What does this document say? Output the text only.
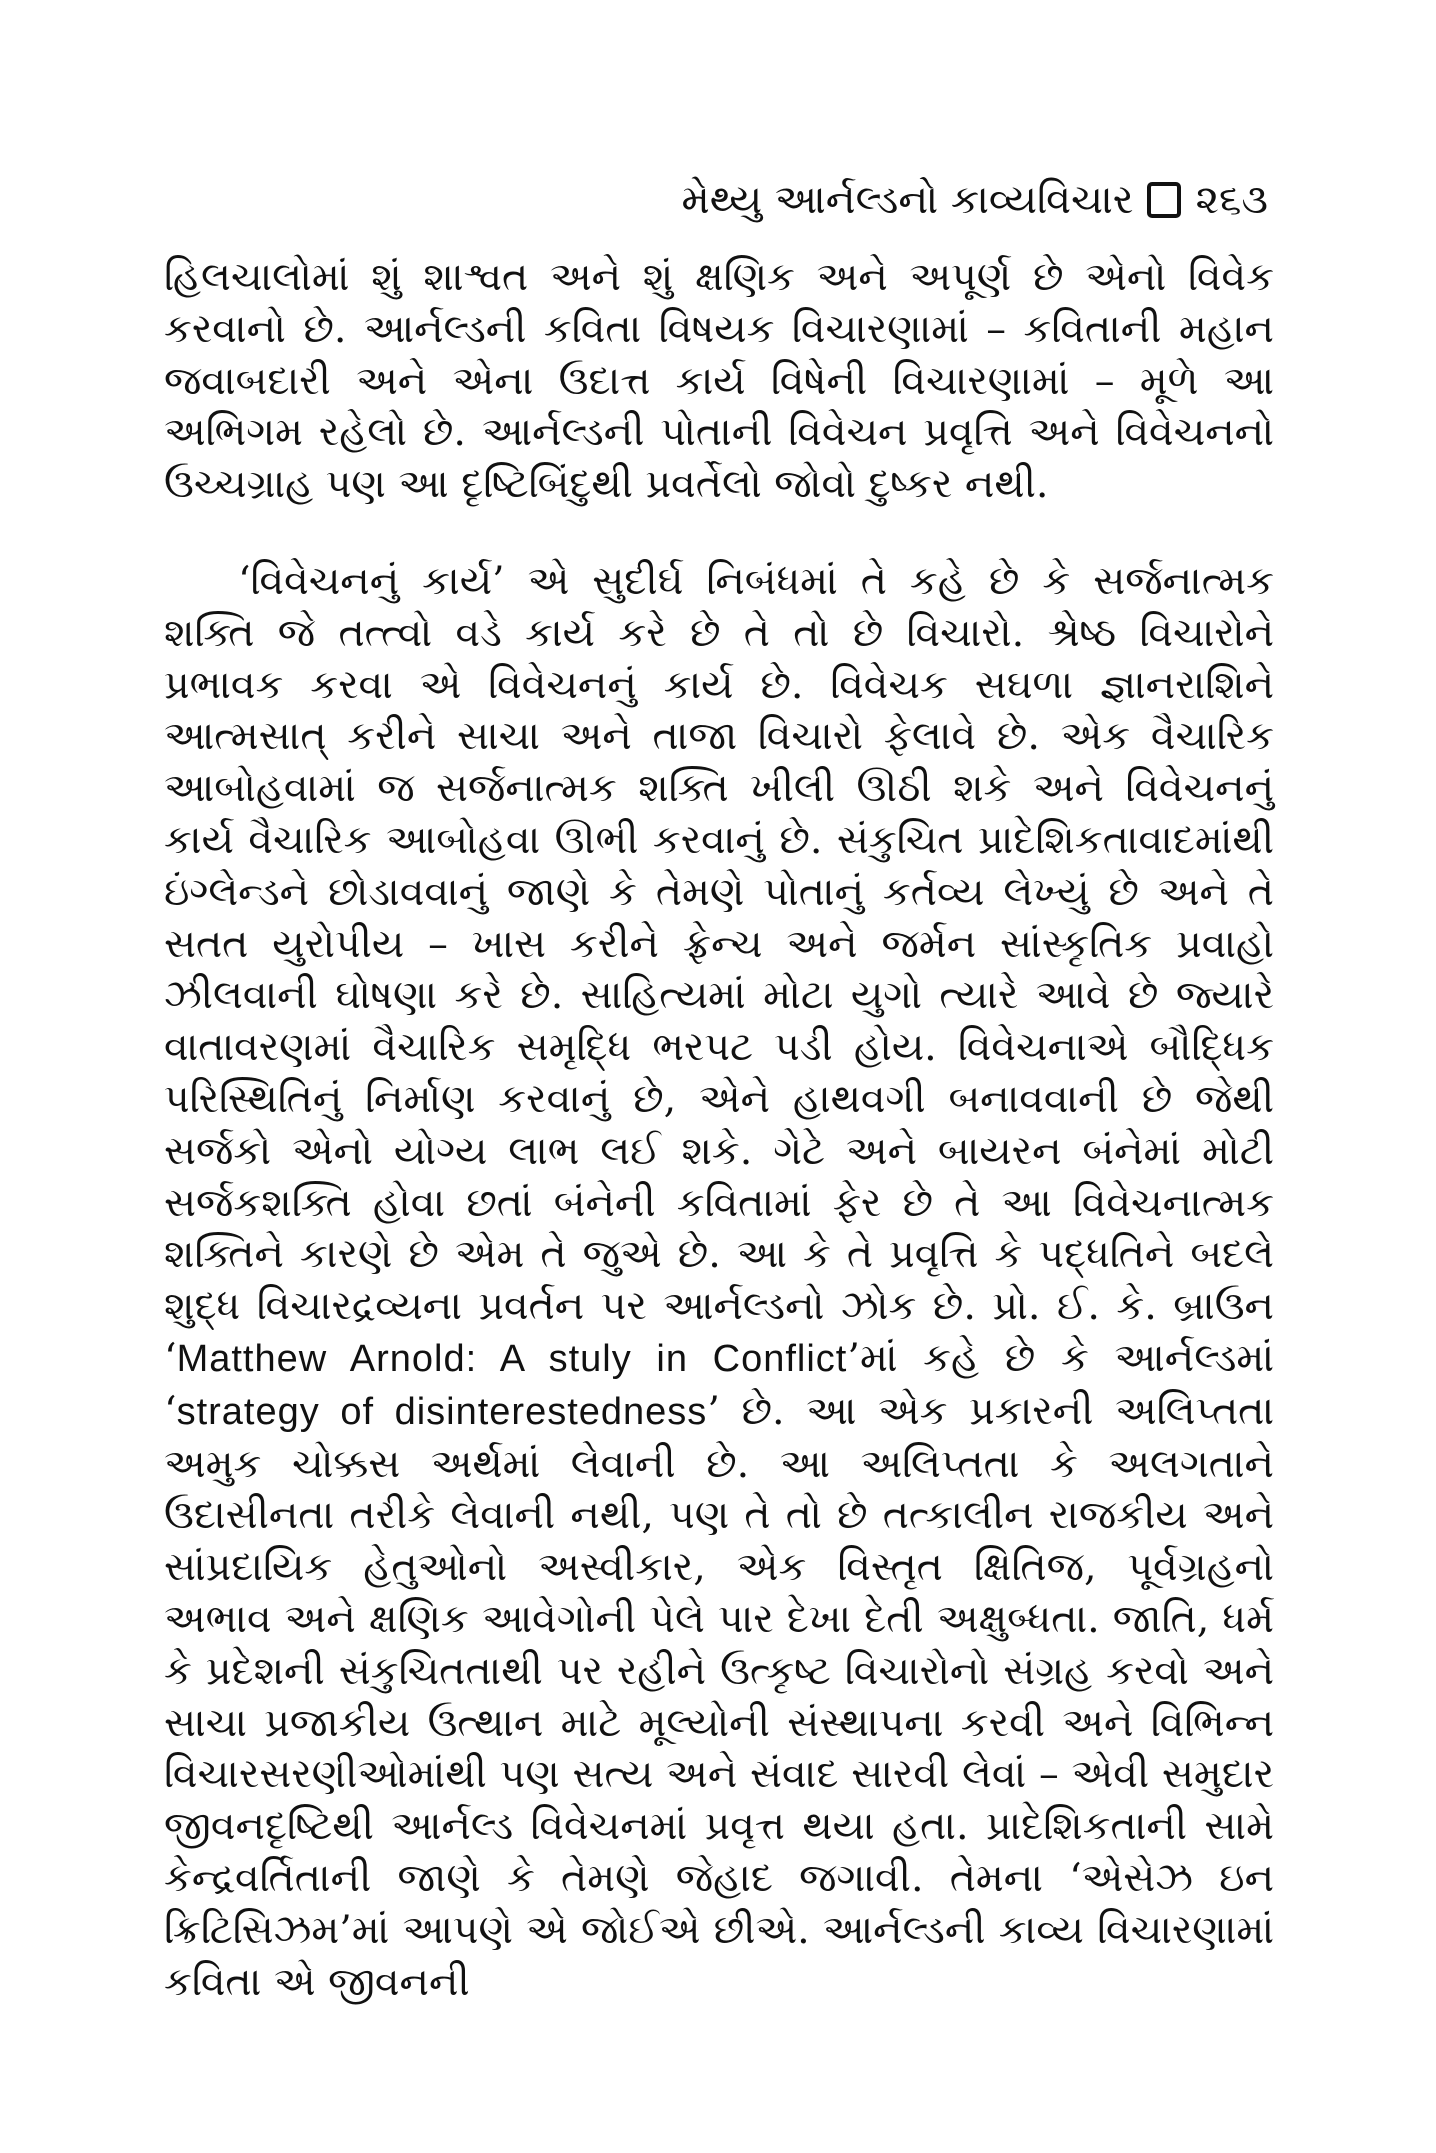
મેથ્યુ આર્નલ્ડનો કાવ્યવિચાર ૨૬૩

હિલચાલોમાં શું શાશ્વત અને શું ક્ષણિક અને અપૂર્ણ છે એનો વિવેક કરવાનો છે. આર્નલ્ડની કવિતા વિષયક વિચારણામાં – કવિતાની મહાન જવાબદારી અને એના ઉદાત્ત કાર્ય વિષેની વિચારણામાં – મૂળે આ અભિગમ રહેલો છે. આર્નલ્ડની પોતાની વિવેચન પ્રવૃત્તિ અને વિવેચનનો ઉચ્ચગ્રાહ પણ આ દૃષ્ટિબિંદુથી પ્રવર્તેલો જોવો દુષ્કર નથી.

‘વિવેચનનું કાર્ય’ એ સુદીર્ઘ નિબંધમાં તે કહે છે કે સર્જનાત્મક શક્તિ જે તત્ત્વો વડે કાર્ય કરે છે તે તો છે વિચારો. શ્રેષ્ઠ વિચારોને પ્રભાવક કરવા એ વિવેચનનું કાર્ય છે. વિવેચક સઘળા જ્ઞાનરાશિને આત્મસાત્ કરીને સાચા અને તાજા વિચારો ફેલાવે છે. એક વૈચારિક આબોહવામાં જ સર્જનાત્મક શક્તિ ખીલી ઊઠી શકે અને વિવેચનનું કાર્ય વૈચારિક આબોહવા ઊભી કરવાનું છે. સંકુચિત પ્રાદેશિકતાવાદમાંથી ઇંગ્લેન્ડને છોડાવવાનું જાણે કે તેમણે પોતાનું કર્તવ્ય લેખ્યું છે અને તે સતત યુરોપીય – ખાસ કરીને ફ્રેન્ચ અને જર્મન સાંસ્કૃતિક પ્રવાહો ઝીલવાની ઘોષણા કરે છે. સાહિત્યમાં મોટા યુગો ત્યારે આવે છે જ્યારે વાતાવરણમાં વૈચારિક સમૃદ્ધિ ભરપટ પડી હોય. વિવેચનાએ બૌદ્ધિક પરિસ્થિતિનું નિર્માણ કરવાનું છે, એને હાથવગી બનાવવાની છે જેથી સર્જકો એનો યોગ્ય લાભ લઈ શકે. ગેટે અને બાયરન બંનેમાં મોટી સર્જકશક્તિ હોવા છતાં બંનેની કવિતામાં ફેર છે તે આ વિવેચનાત્મક શક્તિને કારણે છે એમ તે જુએ છે. આ કે તે પ્રવૃત્તિ કે પદ્ધતિને બદલે શુદ્ધ વિચારદ્રવ્યના પ્રવર્તન પર આર્નલ્ડનો ઝોક છે. પ્રો. ઈ. કે. બ્રાઉન ‘Matthew Arnold: A stuly in Conflict’માં કહે છે કે આર્નલ્ડમાં ‘strategy of disinterestedness’ છે. આ એક પ્રકારની અલિપ્તતા અમુક ચોક્કસ અર્થમાં લેવાની છે. આ અલિપ્તતા કે અલગતાને ઉદાસીનતા તરીકે લેવાની નથી, પણ તે તો છે તત્કાલીન રાજકીય અને સાંપ્રદાયિક હેતુઓનો અસ્વીકાર, એક વિસ્તૃત ક્ષિતિજ, પૂર્વગ્રહનો અભાવ અને ક્ષણિક આવેગોની પેલે પાર દેખા દેતી અક્ષુબ્ધતા. જાતિ, ધર્મ કે પ્રદેશની સંકુચિતતાથી પર રહીને ઉત્કૃષ્ટ વિચારોનો સંગ્રહ કરવો અને સાચા પ્રજાકીય ઉત્થાન માટે મૂલ્યોની સંસ્થાપના કરવી અને વિભિન્ન વિચારસરણીઓમાંથી પણ સત્ય અને સંવાદ સારવી લેવાં – એવી સમુદાર જીવનદૃષ્ટિથી આર્નલ્ડ વિવેચનમાં પ્રવૃત્ત થયા હતા. પ્રાદેશિકતાની સામે કેન્દ્રવર્તિતાની જાણે કે તેમણે જેહાદ જગાવી. તેમના ‘એસેઝ ઇન ક્રિટિસિઝમ’માં આપણે એ જોઈએ છીએ. આર્નલ્ડની કાવ્ય વિચારણામાં કવિતા એ જીવનની
